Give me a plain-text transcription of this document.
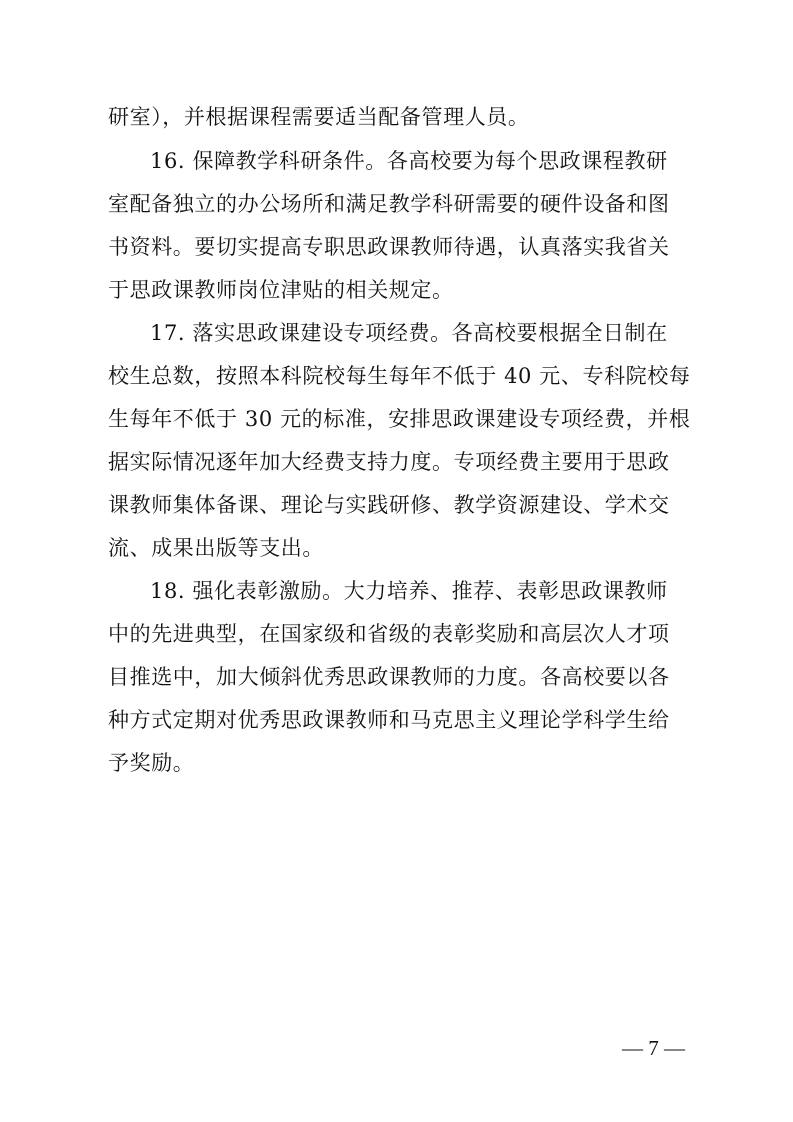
研室），并根据课程需要适当配备管理人员。
16. 保障教学科研条件。各高校要为每个思政课程教研
室配备独立的办公场所和满足教学科研需要的硬件设备和图
书资料。要切实提高专职思政课教师待遇，认真落实我省关
于思政课教师岗位津贴的相关规定。
17. 落实思政课建设专项经费。各高校要根据全日制在
校生总数，按照本科院校每生每年不低于 40 元、专科院校每
生每年不低于 30 元的标准，安排思政课建设专项经费，并根
据实际情况逐年加大经费支持力度。专项经费主要用于思政
课教师集体备课、理论与实践研修、教学资源建设、学术交
流、成果出版等支出。
18. 强化表彰激励。大力培养、推荐、表彰思政课教师
中的先进典型，在国家级和省级的表彰奖励和高层次人才项
目推选中，加大倾斜优秀思政课教师的力度。各高校要以各
种方式定期对优秀思政课教师和马克思主义理论学科学生给
予奖励。
— 7 —
